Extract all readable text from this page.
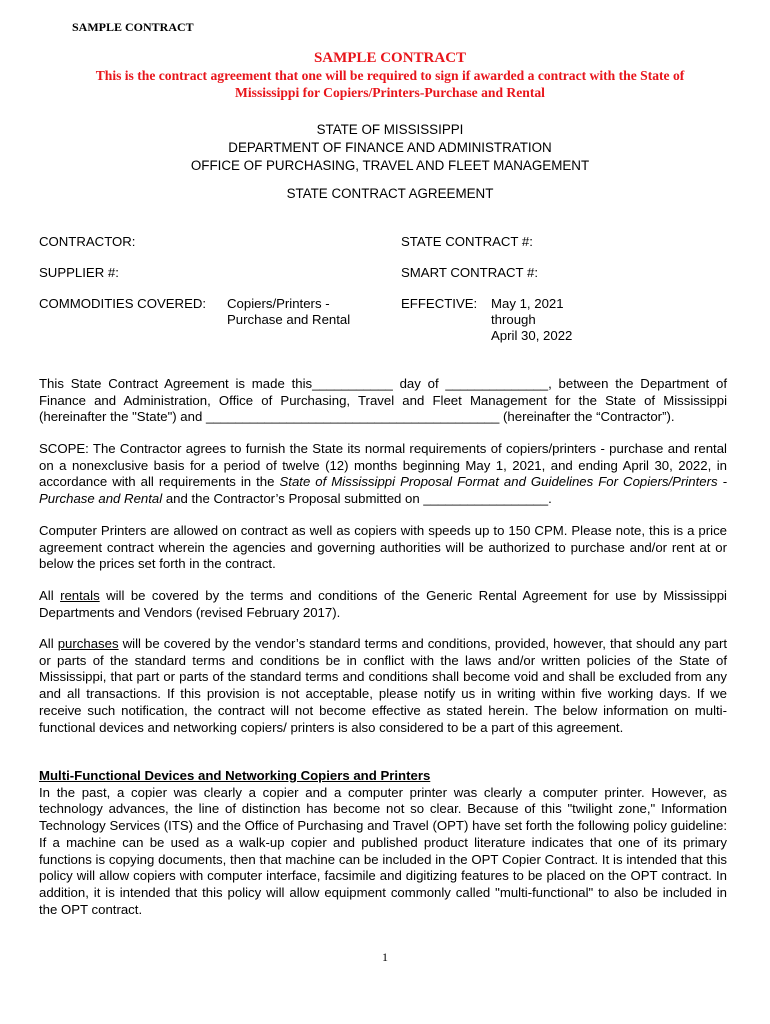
SAMPLE CONTRACT
SAMPLE CONTRACT
This is the contract agreement that one will be required to sign if awarded a contract with the State of
Mississippi for Copiers/Printers-Purchase and Rental
STATE OF MISSISSIPPI
DEPARTMENT OF FINANCE AND ADMINISTRATION
OFFICE OF PURCHASING, TRAVEL AND FLEET MANAGEMENT
STATE CONTRACT AGREEMENT
CONTRACTOR:	STATE CONTRACT #:
SUPPLIER #:	SMART CONTRACT #:
COMMODITIES COVERED: Copiers/Printers -
Purchase and Rental
EFFECTIVE: May 1, 2021
through
April 30, 2022
This State Contract Agreement is made this___________ day of ______________, between the Department of Finance and Administration, Office of Purchasing, Travel and Fleet Management for the State of Mississippi (hereinafter the "State") and ________________________________________ (hereinafter the “Contractor”).
SCOPE: The Contractor agrees to furnish the State its normal requirements of copiers/printers - purchase and rental on a nonexclusive basis for a period of twelve (12) months beginning May 1, 2021, and ending April 30, 2022, in accordance with all requirements in the State of Mississippi Proposal Format and Guidelines For Copiers/Printers - Purchase and Rental and the Contractor’s Proposal submitted on _________________.
Computer Printers are allowed on contract as well as copiers with speeds up to 150 CPM. Please note, this is a price agreement contract wherein the agencies and governing authorities will be authorized to purchase and/or rent at or below the prices set forth in the contract.
All rentals will be covered by the terms and conditions of the Generic Rental Agreement for use by Mississippi Departments and Vendors (revised February 2017).
All purchases will be covered by the vendor’s standard terms and conditions, provided, however, that should any part or parts of the standard terms and conditions be in conflict with the laws and/or written policies of the State of Mississippi, that part or parts of the standard terms and conditions shall become void and shall be excluded from any and all transactions. If this provision is not acceptable, please notify us in writing within five working days. If we receive such notification, the contract will not become effective as stated herein. The below information on multi-functional devices and networking copiers/ printers is also considered to be a part of this agreement.
Multi-Functional Devices and Networking Copiers and Printers
In the past, a copier was clearly a copier and a computer printer was clearly a computer printer. However, as technology advances, the line of distinction has become not so clear. Because of this "twilight zone," Information Technology Services (ITS) and the Office of Purchasing and Travel (OPT) have set forth the following policy guideline: If a machine can be used as a walk-up copier and published product literature indicates that one of its primary functions is copying documents, then that machine can be included in the OPT Copier Contract. It is intended that this policy will allow copiers with computer interface, facsimile and digitizing features to be placed on the OPT contract. In addition, it is intended that this policy will allow equipment commonly called "multi-functional" to also be included in the OPT contract.
1
